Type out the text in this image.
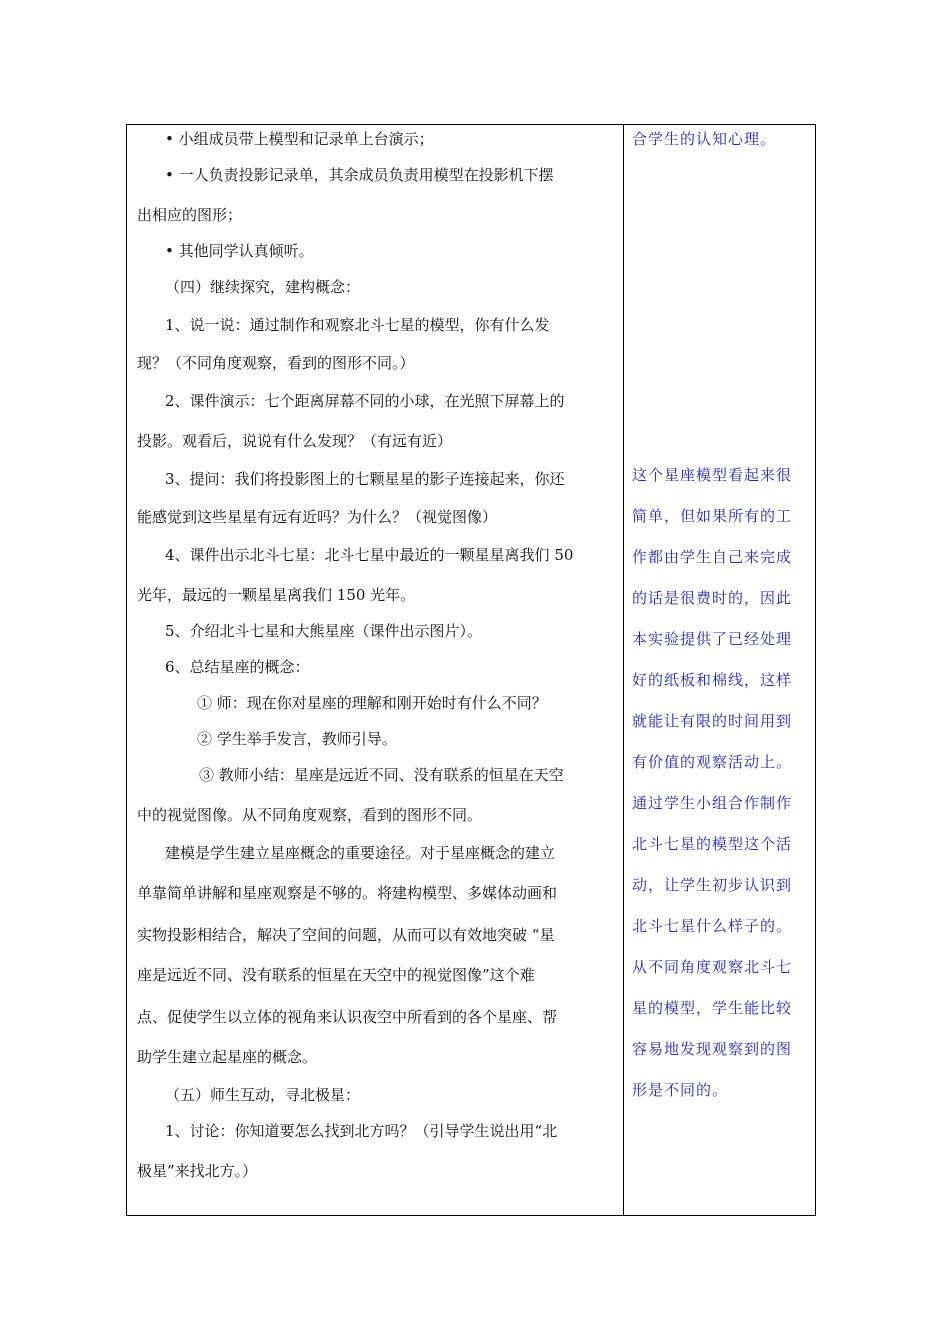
• 小组成员带上模型和记录单上台演示；
• 一人负责投影记录单，其余成员负责用模型在投影机下摆
出相应的图形；
• 其他同学认真倾听。
（四）继续探究，建构概念：
1、说一说：通过制作和观察北斗七星的模型，你有什么发
现？（不同角度观察，看到的图形不同。）
2、课件演示：七个距离屏幕不同的小球，在光照下屏幕上的
投影。观看后，说说有什么发现？（有远有近）
3、提问：我们将投影图上的七颗星星的影子连接起来，你还
能感觉到这些星星有远有近吗？为什么？（视觉图像）
4、课件出示北斗七星：北斗七星中最近的一颗星星离我们 50
光年，最远的一颗星星离我们 150 光年。
5、介绍北斗七星和大熊星座（课件出示图片）。
6、总结星座的概念：
① 师：现在你对星座的理解和刚开始时有什么不同？
② 学生举手发言，教师引导。
③ 教师小结：星座是远近不同、没有联系的恒星在天空
中的视觉图像。从不同角度观察，看到的图形不同。
建模是学生建立星座概念的重要途径。对于星座概念的建立
单靠简单讲解和星座观察是不够的。将建构模型、多媒体动画和
实物投影相结合，解决了空间的问题，从而可以有效地突破 “星
座是远近不同、没有联系的恒星在天空中的视觉图像”这个难
点、促使学生以立体的视角来认识夜空中所看到的各个星座、帮
助学生建立起星座的概念。
（五）师生互动，寻北极星：
1、讨论：你知道要怎么找到北方吗？（引导学生说出用“北
极星”来找北方。）
合学生的认知心理。
这个星座模型看起来很
简单，但如果所有的工
作都由学生自己来完成
的话是很费时的，因此
本实验提供了已经处理
好的纸板和棉线，这样
就能让有限的时间用到
有价值的观察活动上。
通过学生小组合作制作
北斗七星的模型这个活
动，让学生初步认识到
北斗七星什么样子的。
从不同角度观察北斗七
星的模型，学生能比较
容易地发现观察到的图
形是不同的。
